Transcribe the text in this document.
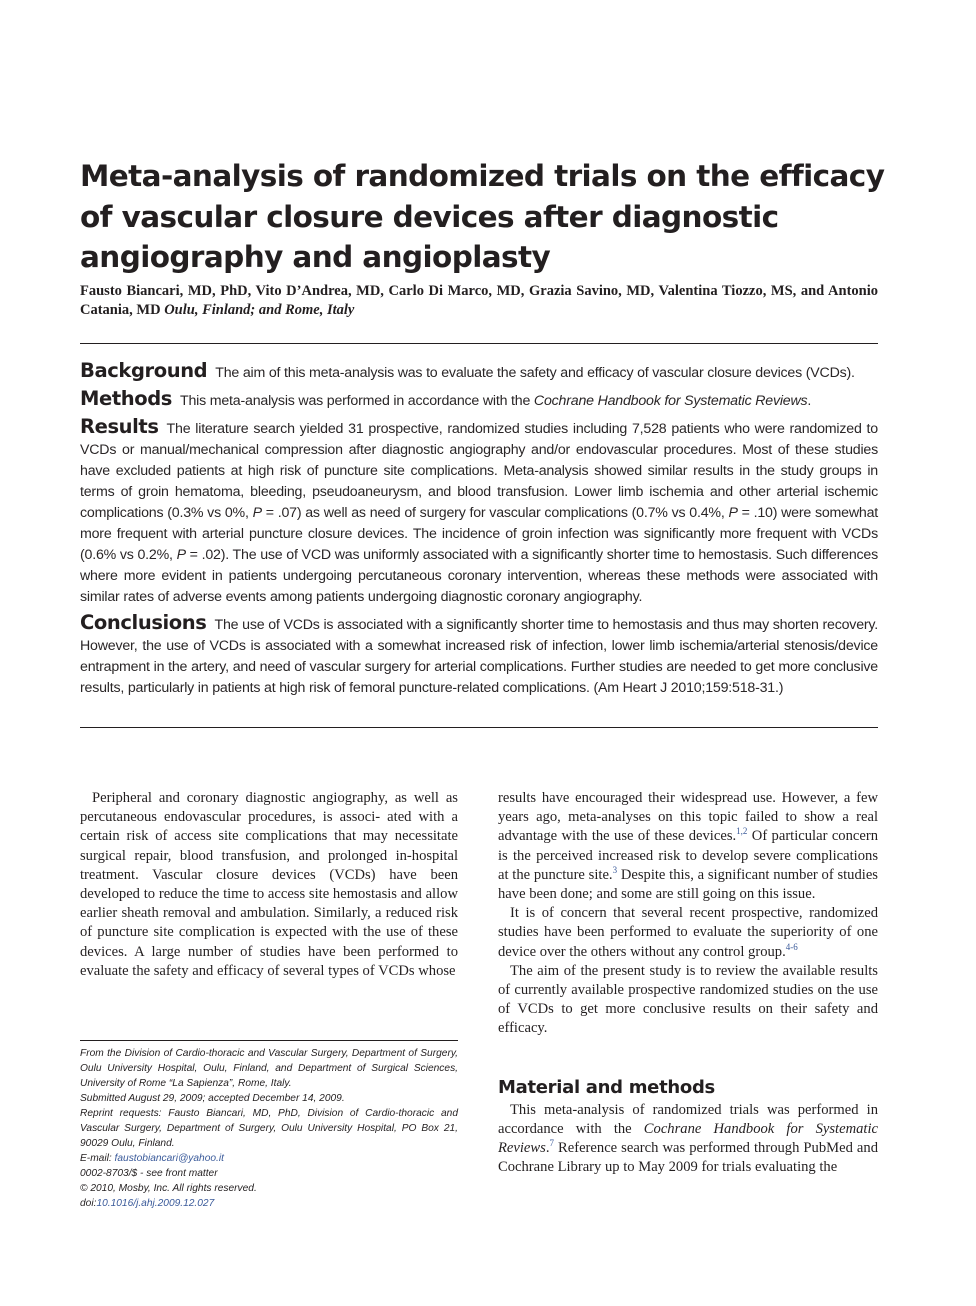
Meta-analysis of randomized trials on the efficacy of vascular closure devices after diagnostic angiography and angioplasty
Fausto Biancari, MD, PhD, Vito D’Andrea, MD, Carlo Di Marco, MD, Grazia Savino, MD, Valentina Tiozzo, MS, and Antonio Catania, MD Oulu, Finland; and Rome, Italy

Background The aim of this meta-analysis was to evaluate the safety and efficacy of vascular closure devices (VCDs).

Methods This meta-analysis was performed in accordance with the Cochrane Handbook for Systematic Reviews.

Results The literature search yielded 31 prospective, randomized studies including 7,528 patients who were randomized to VCDs or manual/mechanical compression after diagnostic angiography and/or endovascular procedures. Most of these studies have excluded patients at high risk of puncture site complications. Meta-analysis showed similar results in the study groups in terms of groin hematoma, bleeding, pseudoaneurysm, and blood transfusion. Lower limb ischemia and other arterial ischemic complications (0.3% vs 0%, P = .07) as well as need of surgery for vascular complications (0.7% vs 0.4%, P = .10) were somewhat more frequent with arterial puncture closure devices. The incidence of groin infection was significantly more frequent with VCDs (0.6% vs 0.2%, P = .02). The use of VCD was uniformly associated with a significantly shorter time to hemostasis. Such differences where more evident in patients undergoing percutaneous coronary intervention, whereas these methods were associated with similar rates of adverse events among patients undergoing diagnostic coronary angiography.

Conclusions The use of VCDs is associated with a significantly shorter time to hemostasis and thus may shorten recovery. However, the use of VCDs is associated with a somewhat increased risk of infection, lower limb ischemia/arterial stenosis/device entrapment in the artery, and need of vascular surgery for arterial complications. Further studies are needed to get more conclusive results, particularly in patients at high risk of femoral puncture-related complications. (Am Heart J 2010;159:518-31.)

Peripheral and coronary diagnostic angiography, as well as percutaneous endovascular procedures, is associ- ated with a certain risk of access site complications that may necessitate surgical repair, blood transfusion, and prolonged in-hospital treatment. Vascular closure devices (VCDs) have been developed to reduce the time to access site hemostasis and allow earlier sheath removal and ambulation. Similarly, a reduced risk of puncture site complication is expected with the use of these devices. A large number of studies have been performed to evaluate the safety and efficacy of several types of VCDs whose

From the Division of Cardio-thoracic and Vascular Surgery, Department of Surgery, Oulu University Hospital, Oulu, Finland, and Department of Surgical Sciences, University of Rome “La Sapienza”, Rome, Italy.
Submitted August 29, 2009; accepted December 14, 2009.
Reprint requests: Fausto Biancari, MD, PhD, Division of Cardio-thoracic and Vascular Surgery, Department of Surgery, Oulu University Hospital, PO Box 21, 90029 Oulu, Finland.
E-mail: faustobiancari@yahoo.it
0002-8703/$ - see front matter
© 2010, Mosby, Inc. All rights reserved.
doi:10.1016/j.ahj.2009.12.027

results have encouraged their widespread use. However, a few years ago, meta-analyses on this topic failed to show a real advantage with the use of these devices.$^{1,2}$ Of particular concern is the perceived increased risk to develop severe complications at the puncture site.$^3$ Despite this, a significant number of studies have been done; and some are still going on this issue.

It is of concern that several recent prospective, randomized studies have been performed to evaluate the superiority of one device over the others without any control group.$^{4-6}$

The aim of the present study is to review the available results of currently available prospective randomized studies on the use of VCDs to get more conclusive results on their safety and efficacy.

Material and methods

This meta-analysis of randomized trials was performed in accordance with the Cochrane Handbook for Systematic Reviews.$^7$ Reference search was performed through PubMed and Cochrane Library up to May 2009 for trials evaluating the
